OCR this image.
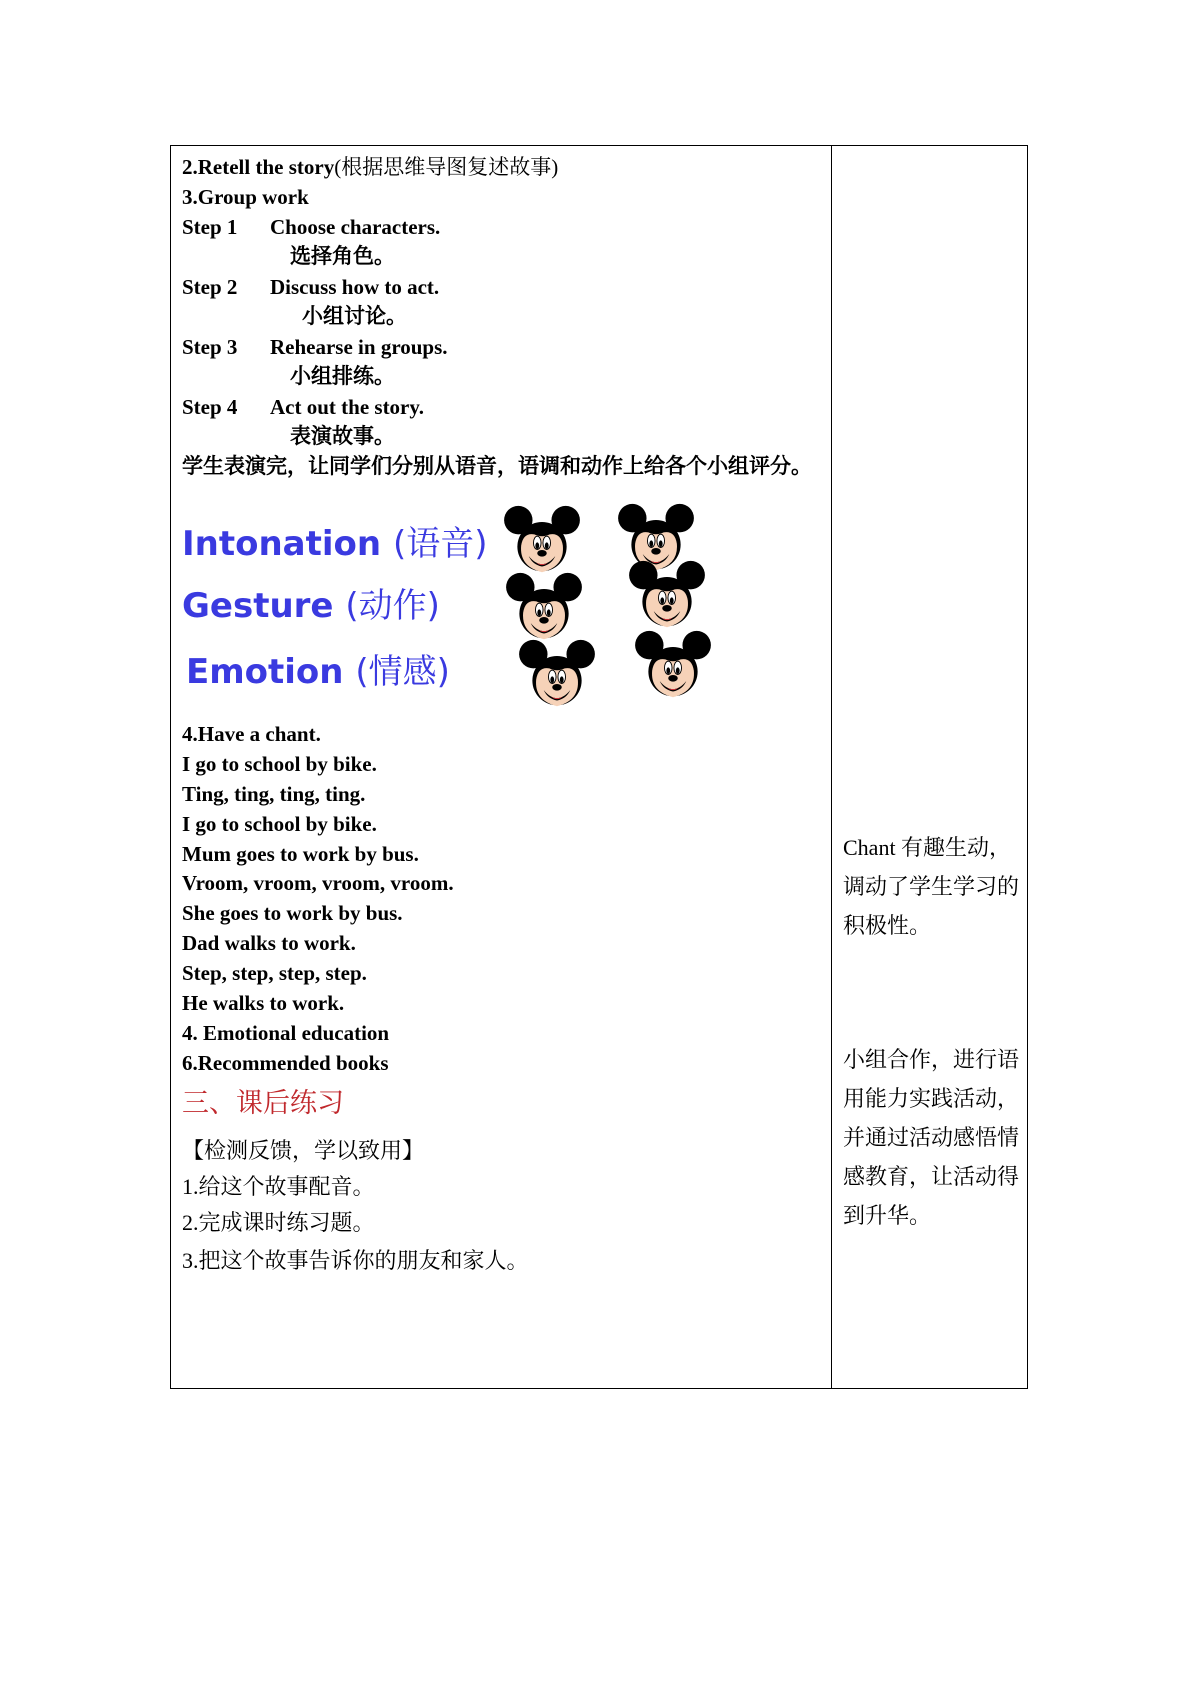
2.Retell the story(根据思维导图复述故事)
3.Group work
Step 1 Choose characters.
选择角色。
Step 2 Discuss how to act.
小组讨论。
Step 3 Rehearse in groups.
小组排练。
Step 4 Act out the story.
表演故事。
学生表演完，让同学们分别从语音，语调和动作上给各个小组评分。
Intonation (语音)
Gesture (动作)
Emotion (情感)
4.Have a chant.
I go to school by bike.
Ting, ting, ting, ting.
I go to school by bike.
Mum goes to work by bus.
Vroom, vroom, vroom, vroom.
She goes to work by bus.
Dad walks to work.
Step, step, step, step.
He walks to work.
4. Emotional education
6.Recommended books
三、课后练习
【检测反馈，学以致用】
1.给这个故事配音。
2.完成课时练习题。
3.把这个故事告诉你的朋友和家人。
Chant 有趣生动，调动了学生学习的积极性。
小组合作，进行语用能力实践活动，并通过活动感悟情感教育，让活动得到升华。
